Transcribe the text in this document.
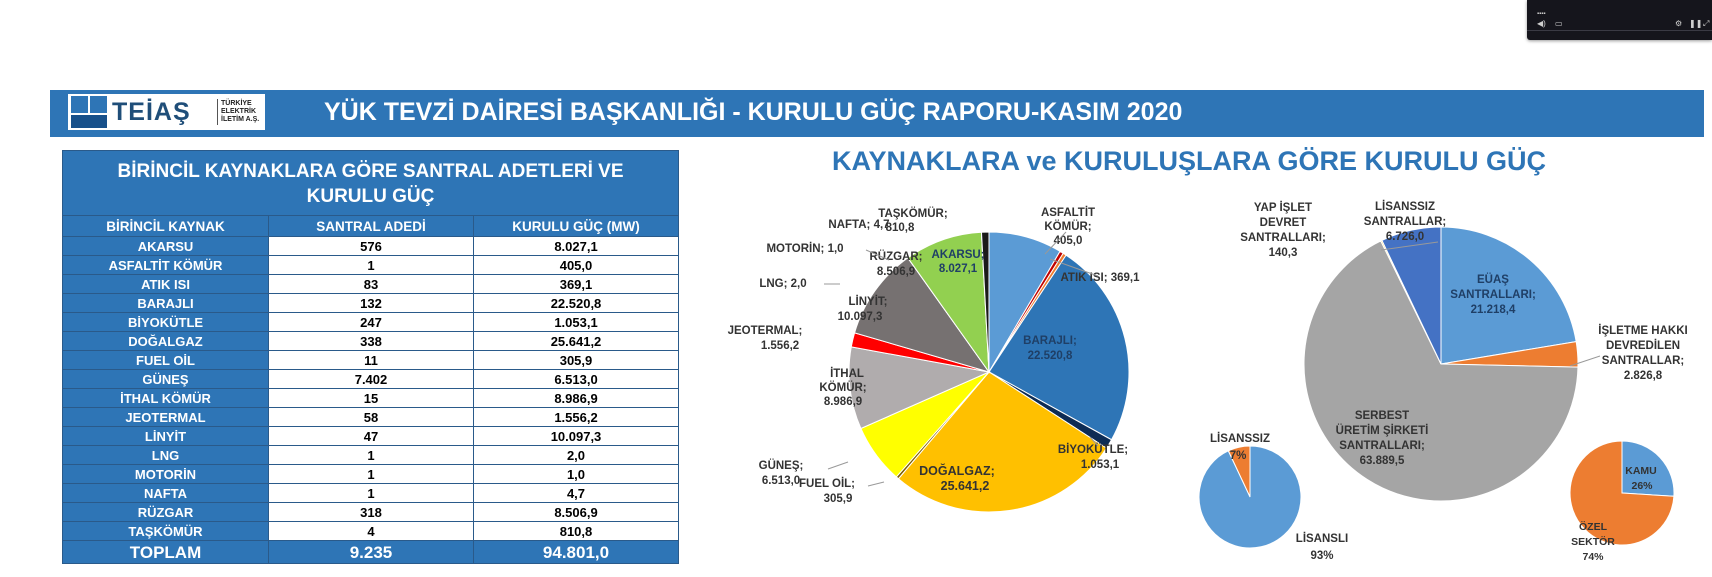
▪▪▪▪
◀) ▭	⚙ ❚❚ ⤢
TEİAŞ	TÜRKİYE
ELEKTRİK
İLETİM A.Ş.	YÜK TEVZİ DAİRESİ BAŞKANLIĞI - KURULU GÜÇ RAPORU-KASIM 2020
BİRİNCİL KAYNAKLARA GÖRE SANTRAL ADETLERİ VE KURULU GÜÇ		
BİRİNCİL KAYNAK	SANTRAL ADEDİ	KURULU GÜÇ (MW)
AKARSU	576	8.027,1
ASFALTİT KÖMÜR	1	405,0
ATIK ISI	83	369,1
BARAJLI	132	22.520,8
BİYOKÜTLE	247	1.053,1
DOĞALGAZ	338	25.641,2
FUEL OİL	11	305,9
GÜNEŞ	7.402	6.513,0
İTHAL KÖMÜR	15	8.986,9
JEOTERMAL	58	1.556,2
LİNYİT	47	10.097,3
LNG	1	2,0
MOTORİN	1	1,0
NAFTA	1	4,7
RÜZGAR	318	8.506,9
TAŞKÖMÜR	4	810,8
TOPLAM	9.235	94.801,0
KAYNAKLARA ve KURULUŞLARA GÖRE KURULU GÜÇ
AKARSU; 8.027,1
ASFALTİT KÖMÜR; 405,0
ATIK ISI; 369,1
BARAJLI; 22.520,8
BİYOKÜTLE; 1.053,1
DOĞALGAZ; 25.641,2
FUEL OİL; 305,9
GÜNEŞ; 6.513,0
İTHAL KÖMÜR; 8.986,9
JEOTERMAL; 1.556,2
LİNYİT; 10.097,3
LNG; 2,0
MOTORİN; 1,0
RÜZGAR; 8.506,9
NAFTA; 4,7
TAŞKÖMÜR; 810,8
EÜAŞ SANTRALLARI; 21.218,4
İŞLETME HAKKI DEVREDİLEN SANTRALLAR; 2.826,8
SERBEST ÜRETİM ŞİRKETİ SANTRALLARI; 63.889,5
YAP İŞLET DEVRET SANTRALLARI; 140,3
LİSANSSIZ SANTRALLAR; 6.726,0
LİSANSSIZ
7%
LİSANSLI
93%
KAMU
26%
ÖZEL
SEKTÖR
74%
